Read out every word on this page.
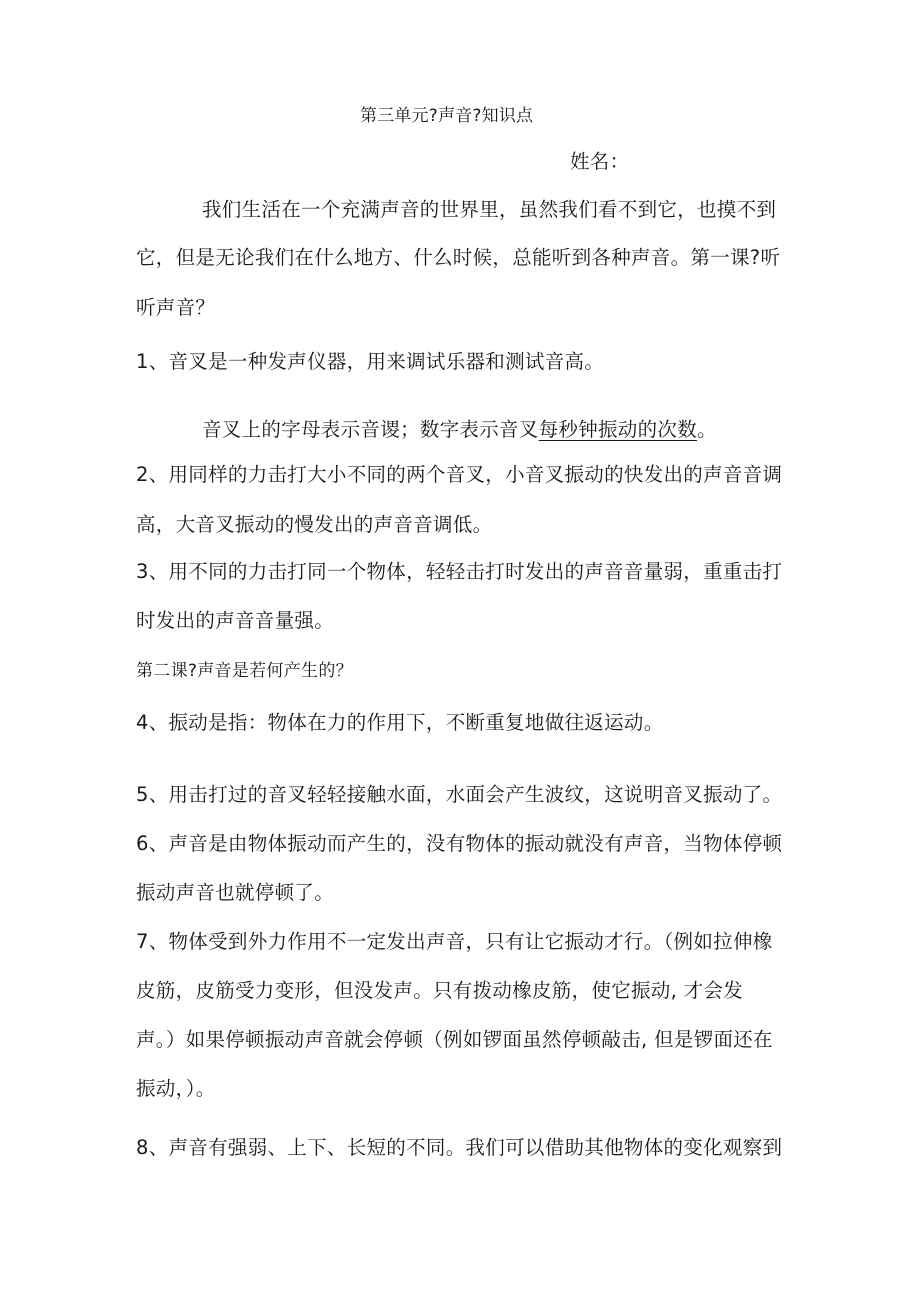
第三单元?声音?知识点
姓名：
我们生活在一个充满声音的世界里，虽然我们看不到它，也摸不到
它，但是无论我们在什么地方、什么时候，总能听到各种声音。第一课?听
听声音？
1、音叉是一种发声仪器，用来调试乐器和测试音高。
音叉上的字母表示音谡；数字表示音叉每秒钟振动的次数。
2、用同样的力击打大小不同的两个音叉，小音叉振动的快发出的声音音调
高，大音叉振动的慢发出的声音音调低。
3、用不同的力击打同一个物体，轻轻击打时发出的声音音量弱，重重击打
时发出的声音音量强。
第二课?声音是若何产生的？
4、振动是指：物体在力的作用下，不断重复地做往返运动。
5、用击打过的音叉轻轻接触水面，水面会产生波纹，这说明音叉振动了。
6、声音是由物体振动而产生的，没有物体的振动就没有声音，当物体停顿
振动声音也就停顿了。
7、物体受到外力作用不一定发出声音，只有让它振动才行。（例如拉伸橡
皮筋，皮筋受力变形，但没发声。只有拨动橡皮筋，使它振动, 才会发
声。）如果停顿振动声音就会停顿（例如锣面虽然停顿敲击, 但是锣面还在
振动，）。
8、声音有强弱、上下、长短的不同。我们可以借助其他物体的变化观察到
